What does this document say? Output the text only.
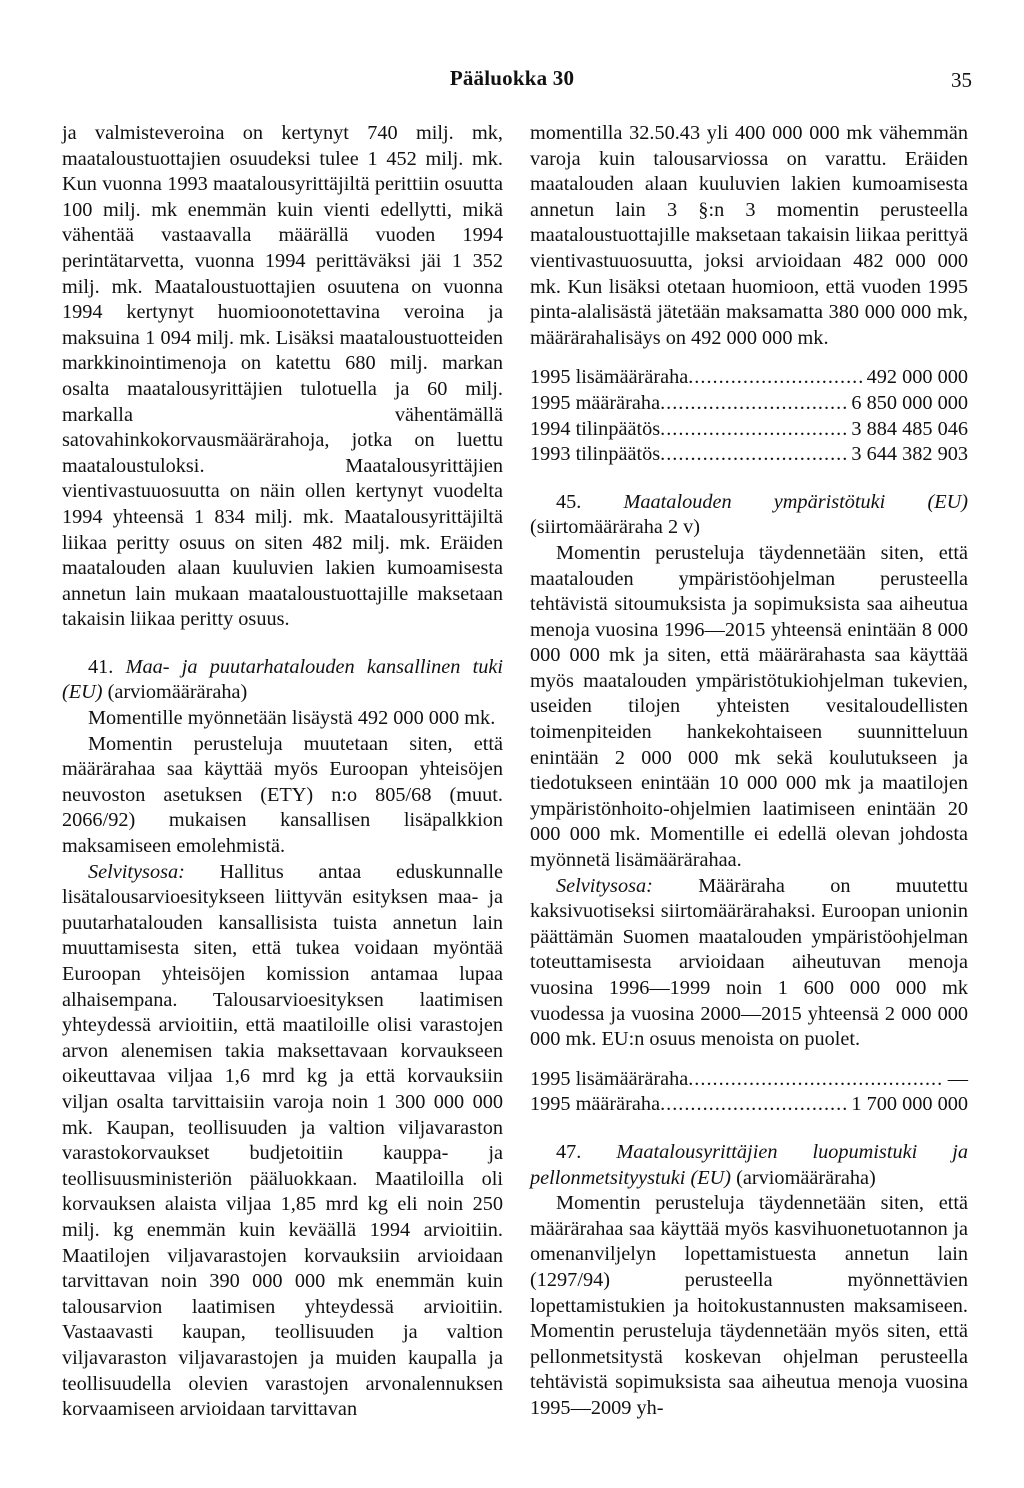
Pääluokka 30	35

ja valmisteveroina on kertynyt 740 milj. mk, maataloustuottajien osuudeksi tulee 1 452 milj. mk. Kun vuonna 1993 maatalousyrittäjiltä perittiin osuutta 100 milj. mk enemmän kuin vienti edellytti, mikä vähentää vastaavalla määrällä vuoden 1994 perintätarvetta, vuonna 1994 perittäväksi jäi 1 352 milj. mk. Maataloustuottajien osuutena on vuonna 1994 kertynyt huomioonotettavina veroina ja maksuina 1 094 milj. mk. Lisäksi maataloustuotteiden markkinointimenoja on katettu 680 milj. markan osalta maatalousyrittäjien tulotuella ja 60 milj. markalla vähentämällä satovahinkokorvausmäärärahoja, jotka on luettu maataloustuloksi. Maatalousyrittäjien vientivastuuosuutta on näin ollen kertynyt vuodelta 1994 yhteensä 1 834 milj. mk. Maatalousyrittäjiltä liikaa peritty osuus on siten 482 milj. mk. Eräiden maatalouden alaan kuuluvien lakien kumoamisesta annetun lain mukaan maataloustuottajille maksetaan takaisin liikaa peritty osuus.

41. Maa- ja puutarhatalouden kansallinen tuki (EU) (arviomääräraha)

Momentille myönnetään lisäystä 492 000 000 mk.

Momentin perusteluja muutetaan siten, että määrärahaa saa käyttää myös Euroopan yhteisöjen neuvoston asetuksen (ETY) n:o 805/68 (muut. 2066/92) mukaisen kansallisen lisäpalkkion maksamiseen emolehmistä.

Selvitysosa: Hallitus antaa eduskunnalle lisätalousarvioesitykseen liittyvän esityksen maa- ja puutarhatalouden kansallisista tuista annetun lain muuttamisesta siten, että tukea voidaan myöntää Euroopan yhteisöjen komission antamaa lupaa alhaisempana. Talousarvioesityksen laatimisen yhteydessä arvioitiin, että maatiloille olisi varastojen arvon alenemisen takia maksettavaan korvaukseen oikeuttavaa viljaa 1,6 mrd kg ja että korvauksiin viljan osalta tarvittaisiin varoja noin 1 300 000 000 mk. Kaupan, teollisuuden ja valtion viljavaraston varastokorvaukset budjetoitiin kauppa- ja teollisuusministeriön pääluokkaan. Maatiloilla oli korvauksen alaista viljaa 1,85 mrd kg eli noin 250 milj. kg enemmän kuin keväällä 1994 arvioitiin. Maatilojen viljavarastojen korvauksiin arvioidaan tarvittavan noin 390 000 000 mk enemmän kuin talousarvion laatimisen yhteydessä arvioitiin. Vastaavasti kaupan, teollisuuden ja valtion viljavaraston viljavarastojen ja muiden kaupalla ja teollisuudella olevien varastojen arvonalennuksen korvaamiseen arvioidaan tarvittavan

momentilla 32.50.43 yli 400 000 000 mk vähemmän varoja kuin talousarviossa on varattu. Eräiden maatalouden alaan kuuluvien lakien kumoamisesta annetun lain 3 §:n 3 momentin perusteella maataloustuottajille maksetaan takaisin liikaa perittyä vientivastuuosuutta, joksi arvioidaan 482 000 000 mk. Kun lisäksi otetaan huomioon, että vuoden 1995 pinta-alalisästä jätetään maksamatta 380 000 000 mk, määrärahalisäys on 492 000 000 mk.

1995 lisämääräraha .....	492 000 000
1995 määräraha .....	6 850 000 000
1994 tilinpäätös .....	3 884 485 046
1993 tilinpäätös .....	3 644 382 903

45. Maatalouden ympäristötuki (EU) (siirtomääräraha 2 v)

Momentin perusteluja täydennetään siten, että maatalouden ympäristöohjelman perusteella tehtävistä sitoumuksista ja sopimuksista saa aiheutua menoja vuosina 1996—2015 yhteensä enintään 8 000 000 000 mk ja siten, että määrärahasta saa käyttää myös maatalouden ympäristötukiohjelman tukevien, useiden tilojen yhteisten vesitaloudellisten toimenpiteiden hankekohtaiseen suunnitteluun enintään 2 000 000 mk sekä koulutukseen ja tiedotukseen enintään 10 000 000 mk ja maatilojen ympäristönhoito-ohjelmien laatimiseen enintään 20 000 000 mk. Momentille ei edellä olevan johdosta myönnetä lisämäärärahaa.

Selvitysosa: Määräraha on muutettu kaksivuotiseksi siirtomäärärahaksi. Euroopan unionin päättämän Suomen maatalouden ympäristöohjelman toteuttamisesta arvioidaan aiheutuvan menoja vuosina 1996—1999 noin 1 600 000 000 mk vuodessa ja vuosina 2000—2015 yhteensä 2 000 000 000 mk. EU:n osuus menoista on puolet.

1995 lisämääräraha .....	—
1995 määräraha .....	1 700 000 000

47. Maatalousyrittäjien luopumistuki ja pellonmetsityystuki (EU) (arviomääräraha)

Momentin perusteluja täydennetään siten, että määrärahaa saa käyttää myös kasvihuonetuotannon ja omenanviljelyn lopettamistuesta annetun lain (1297/94) perusteella myönnettävien lopettamistukien ja hoitokustannusten maksamiseen. Momentin perusteluja täydennetään myös siten, että pellonmetsitystä koskevan ohjelman perusteella tehtävistä sopimuksista saa aiheutua menoja vuosina 1995—2009 yh-
